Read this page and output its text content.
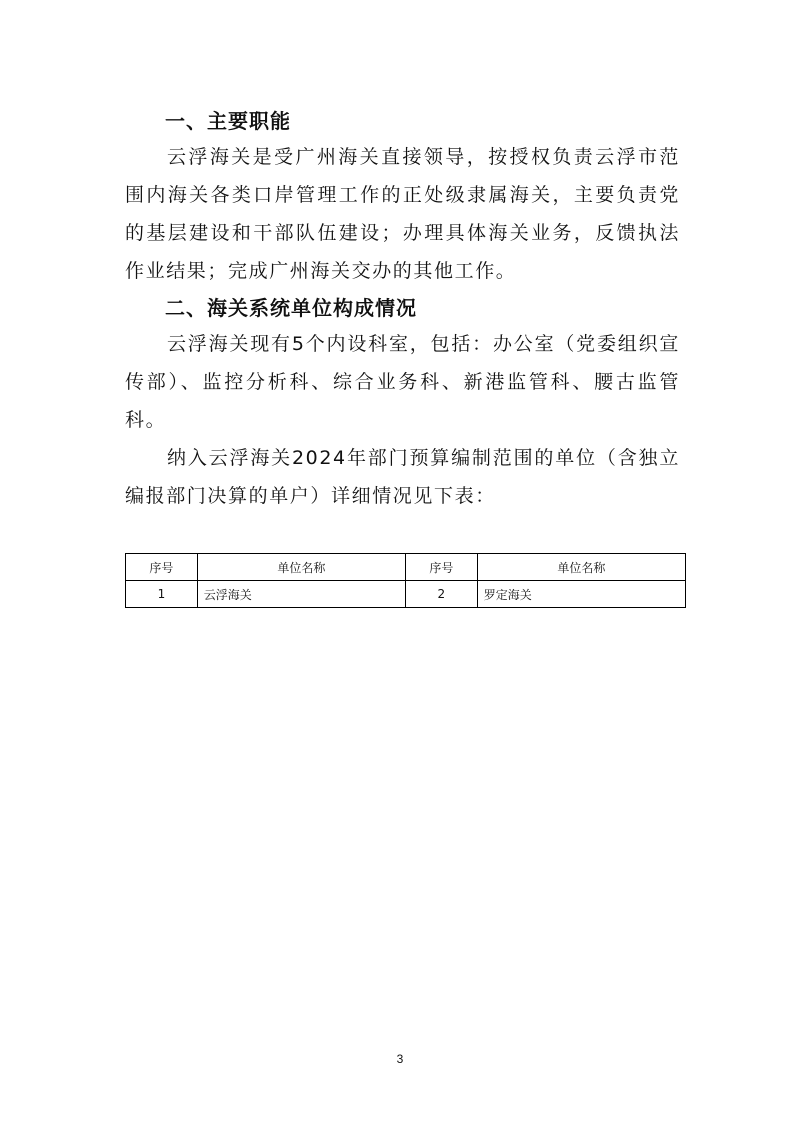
一、主要职能
云浮海关是受广州海关直接领导，按授权负责云浮市范围内海关各类口岸管理工作的正处级隶属海关，主要负责党的基层建设和干部队伍建设；办理具体海关业务，反馈执法作业结果；完成广州海关交办的其他工作。
二、海关系统单位构成情况
云浮海关现有5个内设科室，包括：办公室（党委组织宣传部）、监控分析科、综合业务科、新港监管科、腰古监管科。
纳入云浮海关2024年部门预算编制范围的单位（含独立编报部门决算的单户）详细情况见下表：
序号	单位名称	序号	单位名称
1	云浮海关	2	罗定海关
3
